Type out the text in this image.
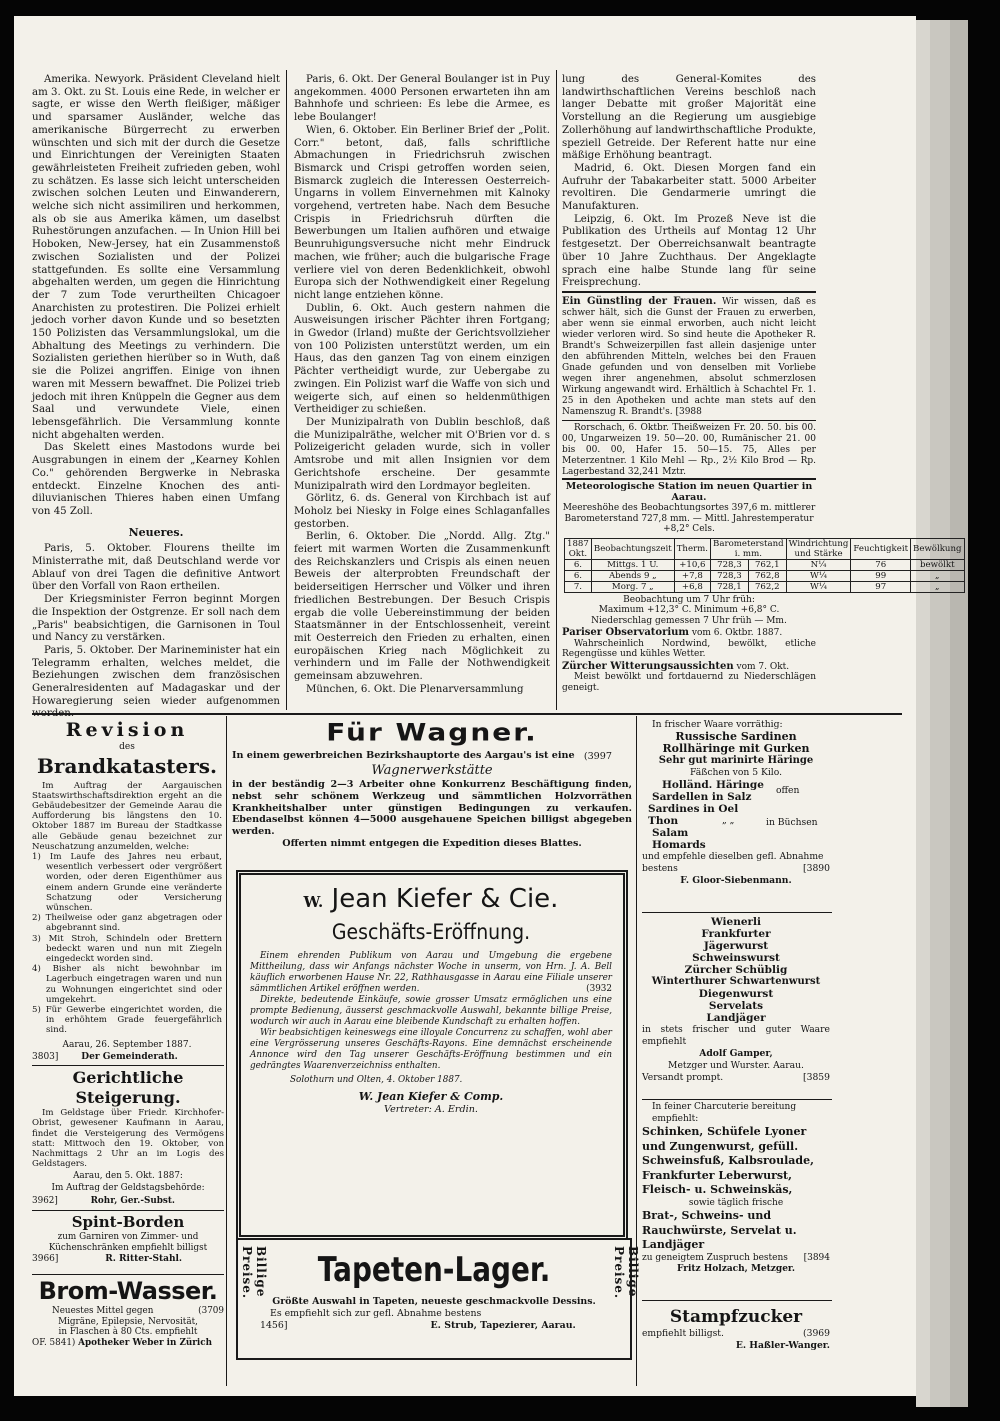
Amerika. Newyork. Präsident Cleveland hielt am 3. Okt. zu St. Louis eine Rede, in welcher er sagte, er wisse den Werth fleißiger, mäßiger und sparsamer Ausländer, welche das amerikanische Bürgerrecht zu erwerben wünschten und sich mit der durch die Gesetze und Einrichtungen der Vereinigten Staaten gewährleisteten Freiheit zufrieden geben, wohl zu schätzen. Es lasse sich leicht unterscheiden zwischen solchen Leuten und Einwanderern, welche sich nicht assimiliren und herkommen, als ob sie aus Amerika kämen, um daselbst Ruhestörungen anzufachen. — In Union Hill bei Hoboken, New-Jersey, hat ein Zusammenstoß zwischen Sozialisten und der Polizei stattgefunden. Es sollte eine Versammlung abgehalten werden, um gegen die Hinrichtung der 7 zum Tode verurtheilten Chicagoer Anarchisten zu protestiren. Die Polizei erhielt jedoch vorher davon Kunde und so besetzten 150 Polizisten das Versammlungslokal, um die Abhaltung des Meetings zu verhindern. Die Sozialisten geriethen hierüber so in Wuth, daß sie die Polizei angriffen. Einige von ihnen waren mit Messern bewaffnet. Die Polizei trieb jedoch mit ihren Knüppeln die Gegner aus dem Saal und verwundete Viele, einen lebensgefährlich. Die Versammlung konnte nicht abgehalten werden.

Das Skelett eines Mastodons wurde bei Ausgrabungen in einem der „Kearney Kohlen Co." gehörenden Bergwerke in Nebraska entdeckt. Einzelne Knochen des anti-diluvianischen Thieres haben einen Umfang von 45 Zoll.

Neueres.

Paris, 5. Oktober. Flourens theilte im Ministerrathe mit, daß Deutschland werde vor Ablauf von drei Tagen die definitive Antwort über den Vorfall von Raon ertheilen.

Der Kriegsminister Ferron beginnt Morgen die Inspektion der Ostgrenze. Er soll nach dem „Paris" beabsichtigen, die Garnisonen in Toul und Nancy zu verstärken.

Paris, 5. Oktober. Der Marineminister hat ein Telegramm erhalten, welches meldet, die Beziehungen zwischen dem französischen Generalresidenten auf Madagaskar und der Howaregierung seien wieder aufgenommen worden.

Paris, 6. Okt. Der General Boulanger ist in Puy angekommen. 4000 Personen erwarteten ihn am Bahnhofe und schrieen: Es lebe die Armee, es lebe Boulanger!

Wien, 6. Oktober. Ein Berliner Brief der „Polit. Corr." betont, daß, falls schriftliche Abmachungen in Friedrichsruh zwischen Bismarck und Crispi getroffen worden seien, Bismarck zugleich die Interessen Oesterreich-Ungarns in vollem Einvernehmen mit Kalnoky vorgehend, vertreten habe. Nach dem Besuche Crispis in Friedrichsruh dürften die Bewerbungen um Italien aufhören und etwaige Beunruhigungsversuche nicht mehr Eindruck machen, wie früher; auch die bulgarische Frage verliere viel von deren Bedenklichkeit, obwohl Europa sich der Nothwendigkeit einer Regelung nicht lange entziehen könne.

Dublin, 6. Okt. Auch gestern nahmen die Ausweisungen irischer Pächter ihren Fortgang; in Gwedor (Irland) mußte der Gerichtsvollzieher von 100 Polizisten unterstützt werden, um ein Haus, das den ganzen Tag von einem einzigen Pächter vertheidigt wurde, zur Uebergabe zu zwingen. Ein Polizist warf die Waffe von sich und weigerte sich, auf einen so heldenmüthigen Vertheidiger zu schießen.

Der Munizipalrath von Dublin beschloß, daß die Munizipalräthe, welcher mit O'Brien vor d. s Polizeigericht geladen wurde, sich in voller Amtsrobe und mit allen Insignien vor dem Gerichtshofe erscheine. Der gesammte Munizipalrath wird den Lordmayor begleiten.

Görlitz, 6. ds. General von Kirchbach ist auf Moholz bei Niesky in Folge eines Schlaganfalles gestorben.

Berlin, 6. Oktober. Die „Nordd. Allg. Ztg." feiert mit warmen Worten die Zusammenkunft des Reichskanzlers und Crispis als einen neuen Beweis der alterprobten Freundschaft der beiderseitigen Herrscher und Völker und ihren friedlichen Bestrebungen. Der Besuch Crispis ergab die volle Uebereinstimmung der beiden Staatsmänner in der Entschlossenheit, vereint mit Oesterreich den Frieden zu erhalten, einen europäischen Krieg nach Möglichkeit zu verhindern und im Falle der Nothwendigkeit gemeinsam abzuwehren.

München, 6. Okt. Die Plenarversammlung

lung des General-Komites des landwirthschaftlichen Vereins beschloß nach langer Debatte mit großer Majorität eine Vorstellung an die Regierung um ausgiebige Zollerhöhung auf landwirthschaftliche Produkte, speziell Getreide. Der Referent hatte nur eine mäßige Erhöhung beantragt.

Madrid, 6. Okt. Diesen Morgen fand ein Aufruhr der Tabakarbeiter statt. 5000 Arbeiter revoltiren. Die Gendarmerie umringt die Manufakturen.

Leipzig, 6. Okt. Im Prozeß Neve ist die Publikation des Urtheils auf Montag 12 Uhr festgesetzt. Der Oberreichsanwalt beantragte über 10 Jahre Zuchthaus. Der Angeklagte sprach eine halbe Stunde lang für seine Freisprechung.

Ein Günstling der Frauen. Wir wissen, daß es schwer hält, sich die Gunst der Frauen zu erwerben, aber wenn sie einmal erworben, auch nicht leicht wieder verloren wird. So sind heute die Apotheker R. Brandt's Schweizerpillen fast allein dasjenige unter den abführenden Mitteln, welches bei den Frauen Gnade gefunden und von denselben mit Vorliebe wegen ihrer angenehmen, absolut schmerzlosen Wirkung angewandt wird. Erhältlich à Schachtel Fr. 1. 25 in den Apotheken und achte man stets auf den Namenszug R. Brandt's. [3988

Rorschach, 6. Oktbr. Theißweizen Fr. 20. 50. bis 00. 00, Ungarweizen 19. 50—20. 00, Rumänischer 21. 00 bis 00. 00, Hafer 15. 50—15. 75, Alles per Meterzentner. 1 Kilo Mehl — Rp., 2½ Kilo Brod — Rp. Lagerbestand 32,241 Mztr.

Meteorologische Station im neuen Quartier in Aarau.

Meereshöhe des Beobachtungsortes 397,6 m. mittlerer Barometerstand 727,8 mm. — Mittl. Jahrestemperatur +8,2° Cels.

1887 Okt.	Beobachtungszeit	Therm.	Barometerstand i. mm.		Windrichtung und Stärke	Feuchtigkeit	Bewölkung
6.	Mittgs. 1 U.	+10,6	728,3	762,1	N¼	76	bewölkt
6.	Abends 9 „	+7,8	728,3	762,8	W¼	99	„
7.	Morg. 7 „	+6,8	728,1	762,2	W¼	97	„

Beobachtung um 7 Uhr früh:

Maximum +12,3° C. Minimum +6,8° C.

Niederschlag gemessen 7 Uhr früh — Mm.

Pariser Observatorium vom 6. Oktbr. 1887.

Wahrscheinlich Nordwind, bewölkt, etliche Regengüsse und kühles Wetter.

Zürcher Witterungsaussichten vom 7. Okt.

Meist bewölkt und fortdauernd zu Niederschlägen geneigt.

Revision
des
Brandkatasters.
Im Auftrag der Aargauischen Staatswirthschaftsdirektion ergeht an die Gebäudebesitzer der Gemeinde Aarau die Aufforderung bis längstens den 10. Oktober 1887 im Bureau der Stadtkasse alle Gebäude genau bezeichnet zur Neuschatzung anzumelden, welche:
1) Im Laufe des Jahres neu erbaut, wesentlich verbessert oder vergrößert worden, oder deren Eigenthümer aus einem andern Grunde eine veränderte Schatzung oder Versicherung wünschen.
2) Theilweise oder ganz abgetragen oder abgebrannt sind.
3) Mit Stroh, Schindeln oder Brettern bedeckt waren und nun mit Ziegeln eingedeckt worden sind.
4) Bisher als nicht bewohnbar im Lagerbuch eingetragen waren und nun zu Wohnungen eingerichtet sind oder umgekehrt.
5) Für Gewerbe eingerichtet worden, die in erhöhtem Grade feuergefährlich sind.
Aarau, 26. September 1887.
3803]	Der Gemeinderath.
Gerichtliche Steigerung.
Im Geldstage über Friedr. Kirchhofer-Obrist, gewesener Kaufmann in Aarau, findet die Versteigerung des Vermögens statt: Mittwoch den 19. Oktober, von Nachmittags 2 Uhr an im Logis des Geldstagers.
Aarau, den 5. Okt. 1887:
Im Auftrag der Geldstagsbehörde:
3962]	Rohr, Ger.-Subst.
Spint-Borden
zum Garniren von Zimmer- und Küchenschränken empfiehlt billigst
3966]	R. Ritter-Stahl.
Brom-Wasser.
Neuestes Mittel gegen	(3709
Migräne, Epilepsie, Nervosität,
in Flaschen à 80 Cts. empfiehlt
OF. 5841) Apotheker Weber in Zürich
Für Wagner.
In einem gewerbreichen Bezirkshauptorte des Aargau's ist eine (3997
Wagnerwerkstätte
in der beständig 2—3 Arbeiter ohne Konkurrenz Beschäftigung finden, nebst sehr schönem Werkzeug und sämmtlichen Holzvorräthen Krankheitshalber unter günstigen Bedingungen zu verkaufen. Ebendaselbst können 4—5000 ausgehauene Speichen billigst abgegeben werden.
Offerten nimmt entgegen die Expedition dieses Blattes.
W. Jean Kiefer & Cie.
Geschäfts-Eröffnung.
Einem ehrenden Publikum von Aarau und Umgebung die ergebene Mittheilung, dass wir Anfangs nächster Woche in unserm, von Hrn. J. A. Bell käuflich erworbenen Hause Nr. 22, Rathhausgasse in Aarau eine Filiale unserer sämmtlichen Artikel eröffnen werden.	(3932
Direkte, bedeutende Einkäufe, sowie grosser Umsatz ermöglichen uns eine prompte Bedienung, äusserst geschmackvolle Auswahl, bekannte billige Preise, wodurch wir auch in Aarau eine bleibende Kundschaft zu erhalten hoffen.
Wir beabsichtigen keineswegs eine illoyale Concurrenz zu schaffen, wohl aber eine Vergrösserung unseres Geschäfts-Rayons. Eine demnächst erscheinende Annonce wird den Tag unserer Geschäfts-Eröffnung bestimmen und ein gedrängtes Waarenverzeichniss enthalten.
Solothurn und Olten, 4. Oktober 1887.
W. Jean Kiefer & Comp.
Vertreter: A. Erdin.
Billige Preise.	Billige Preise.
Tapeten-Lager.
Größte Auswahl in Tapeten, neueste geschmackvolle Dessins.
Es empfiehlt sich zur gefl. Abnahme bestens
1456]	E. Strub, Tapezierer, Aarau.
In frischer Waare vorräthig:
Russische Sardinen
Rollhäringe mit Gurken
Sehr gut marinirte Häringe
Fäßchen von 5 Kilo.
Holländ. Häringe
Sardellen in Salz
offen
Sardines in Oel
Thon	„ „
Salam
Homards
in Büchsen
und empfehle dieselben gefl. Abnahme bestens	[3890
F. Gloor-Siebenmann.
Wienerli
Frankfurter
Jägerwurst
Schweinswurst
Zürcher Schüblig
Winterthurer Schwartenwurst
Diegenwurst
Servelats
Landjäger
in stets frischer und guter Waare empfiehlt
Adolf Gamper,
Metzger und Wurster. Aarau.
Versandt prompt.	[3859
In feiner Charcuterie bereitung empfiehlt:
Schinken, Schüfele Lyoner und Zungenwurst, gefüll. Schweinsfuß, Kalbsroulade, Frankfurter Leberwurst, Fleisch- u. Schweinskäs,
sowie täglich frische
Brat-, Schweins- und Rauchwürste, Servelat u. Landjäger
zu geneigtem Zuspruch bestens [3894
Fritz Holzach, Metzger.
Stampfzucker
empfiehlt billigst.	(3969
E. Haßler-Wanger.
